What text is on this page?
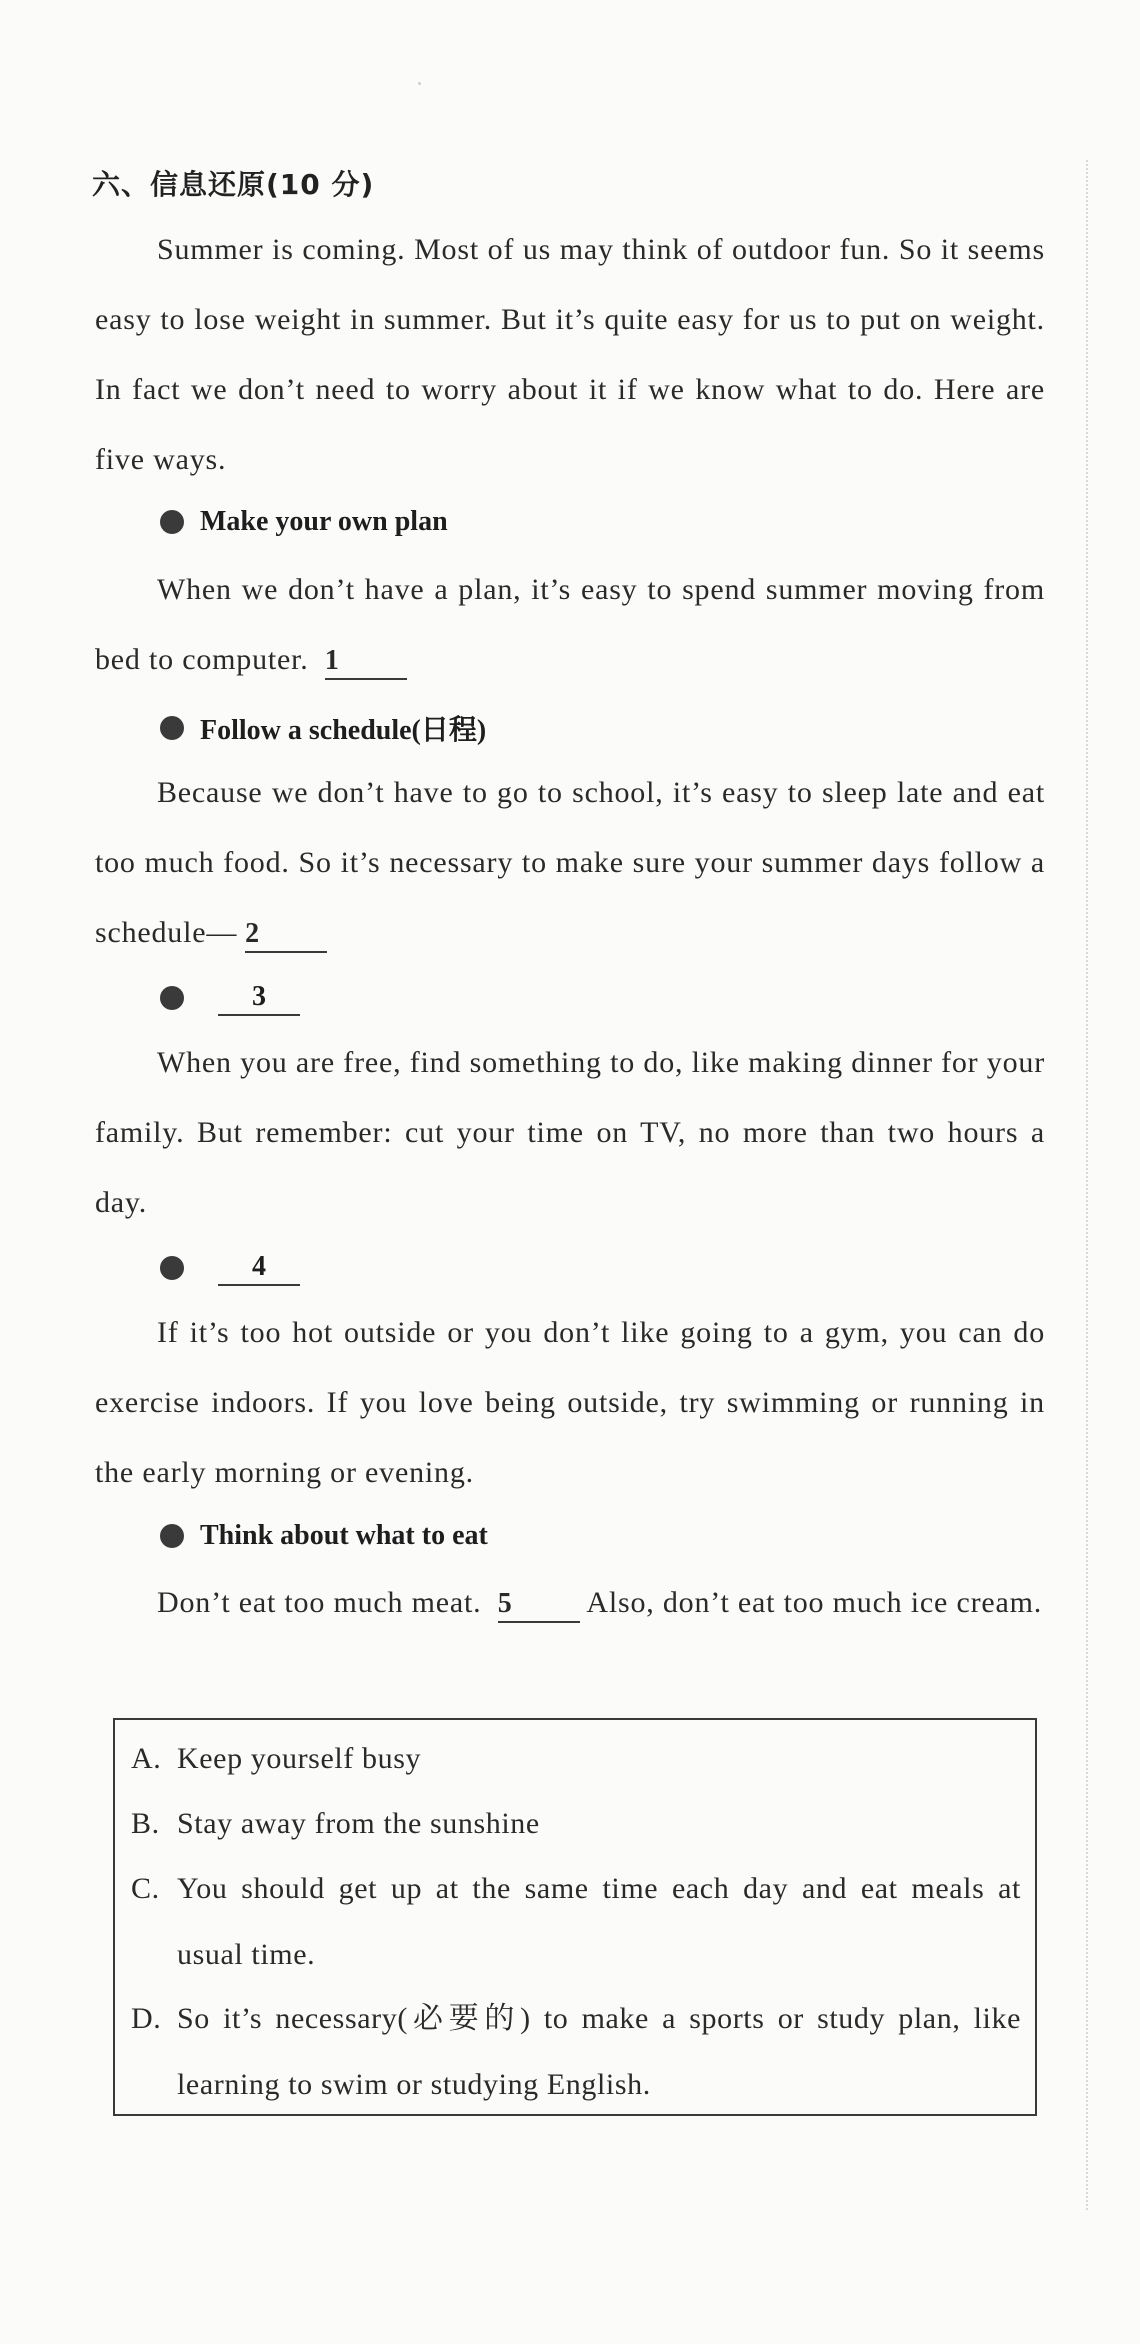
六、信息还原(10 分)
Summer is coming. Most of us may think of outdoor fun. So it seems easy to lose weight in summer. But it’s quite easy for us to put on weight. In fact we don’t need to worry about it if we know what to do. Here are five ways.
Make your own plan
When we don’t have a plan, it’s easy to spend summer moving from bed to computer. 1
Follow a schedule(日程)
Because we don’t have to go to school, it’s easy to sleep late and eat too much food. So it’s necessary to make sure your summer days follow a schedule— 2
3
When you are free, find something to do, like making dinner for your family. But remember: cut your time on TV, no more than two hours a day.
4
If it’s too hot outside or you don’t like going to a gym, you can do exercise indoors. If you love being outside, try swimming or running in the early morning or evening.
Think about what to eat
Don’t eat too much meat. 5 Also, don’t eat too much ice cream.
A. Keep yourself busy
B. Stay away from the sunshine
C. You should get up at the same time each day and eat meals at usual time.
D. So it’s necessary(必要的) to make a sports or study plan, like learning to swim or studying English.
